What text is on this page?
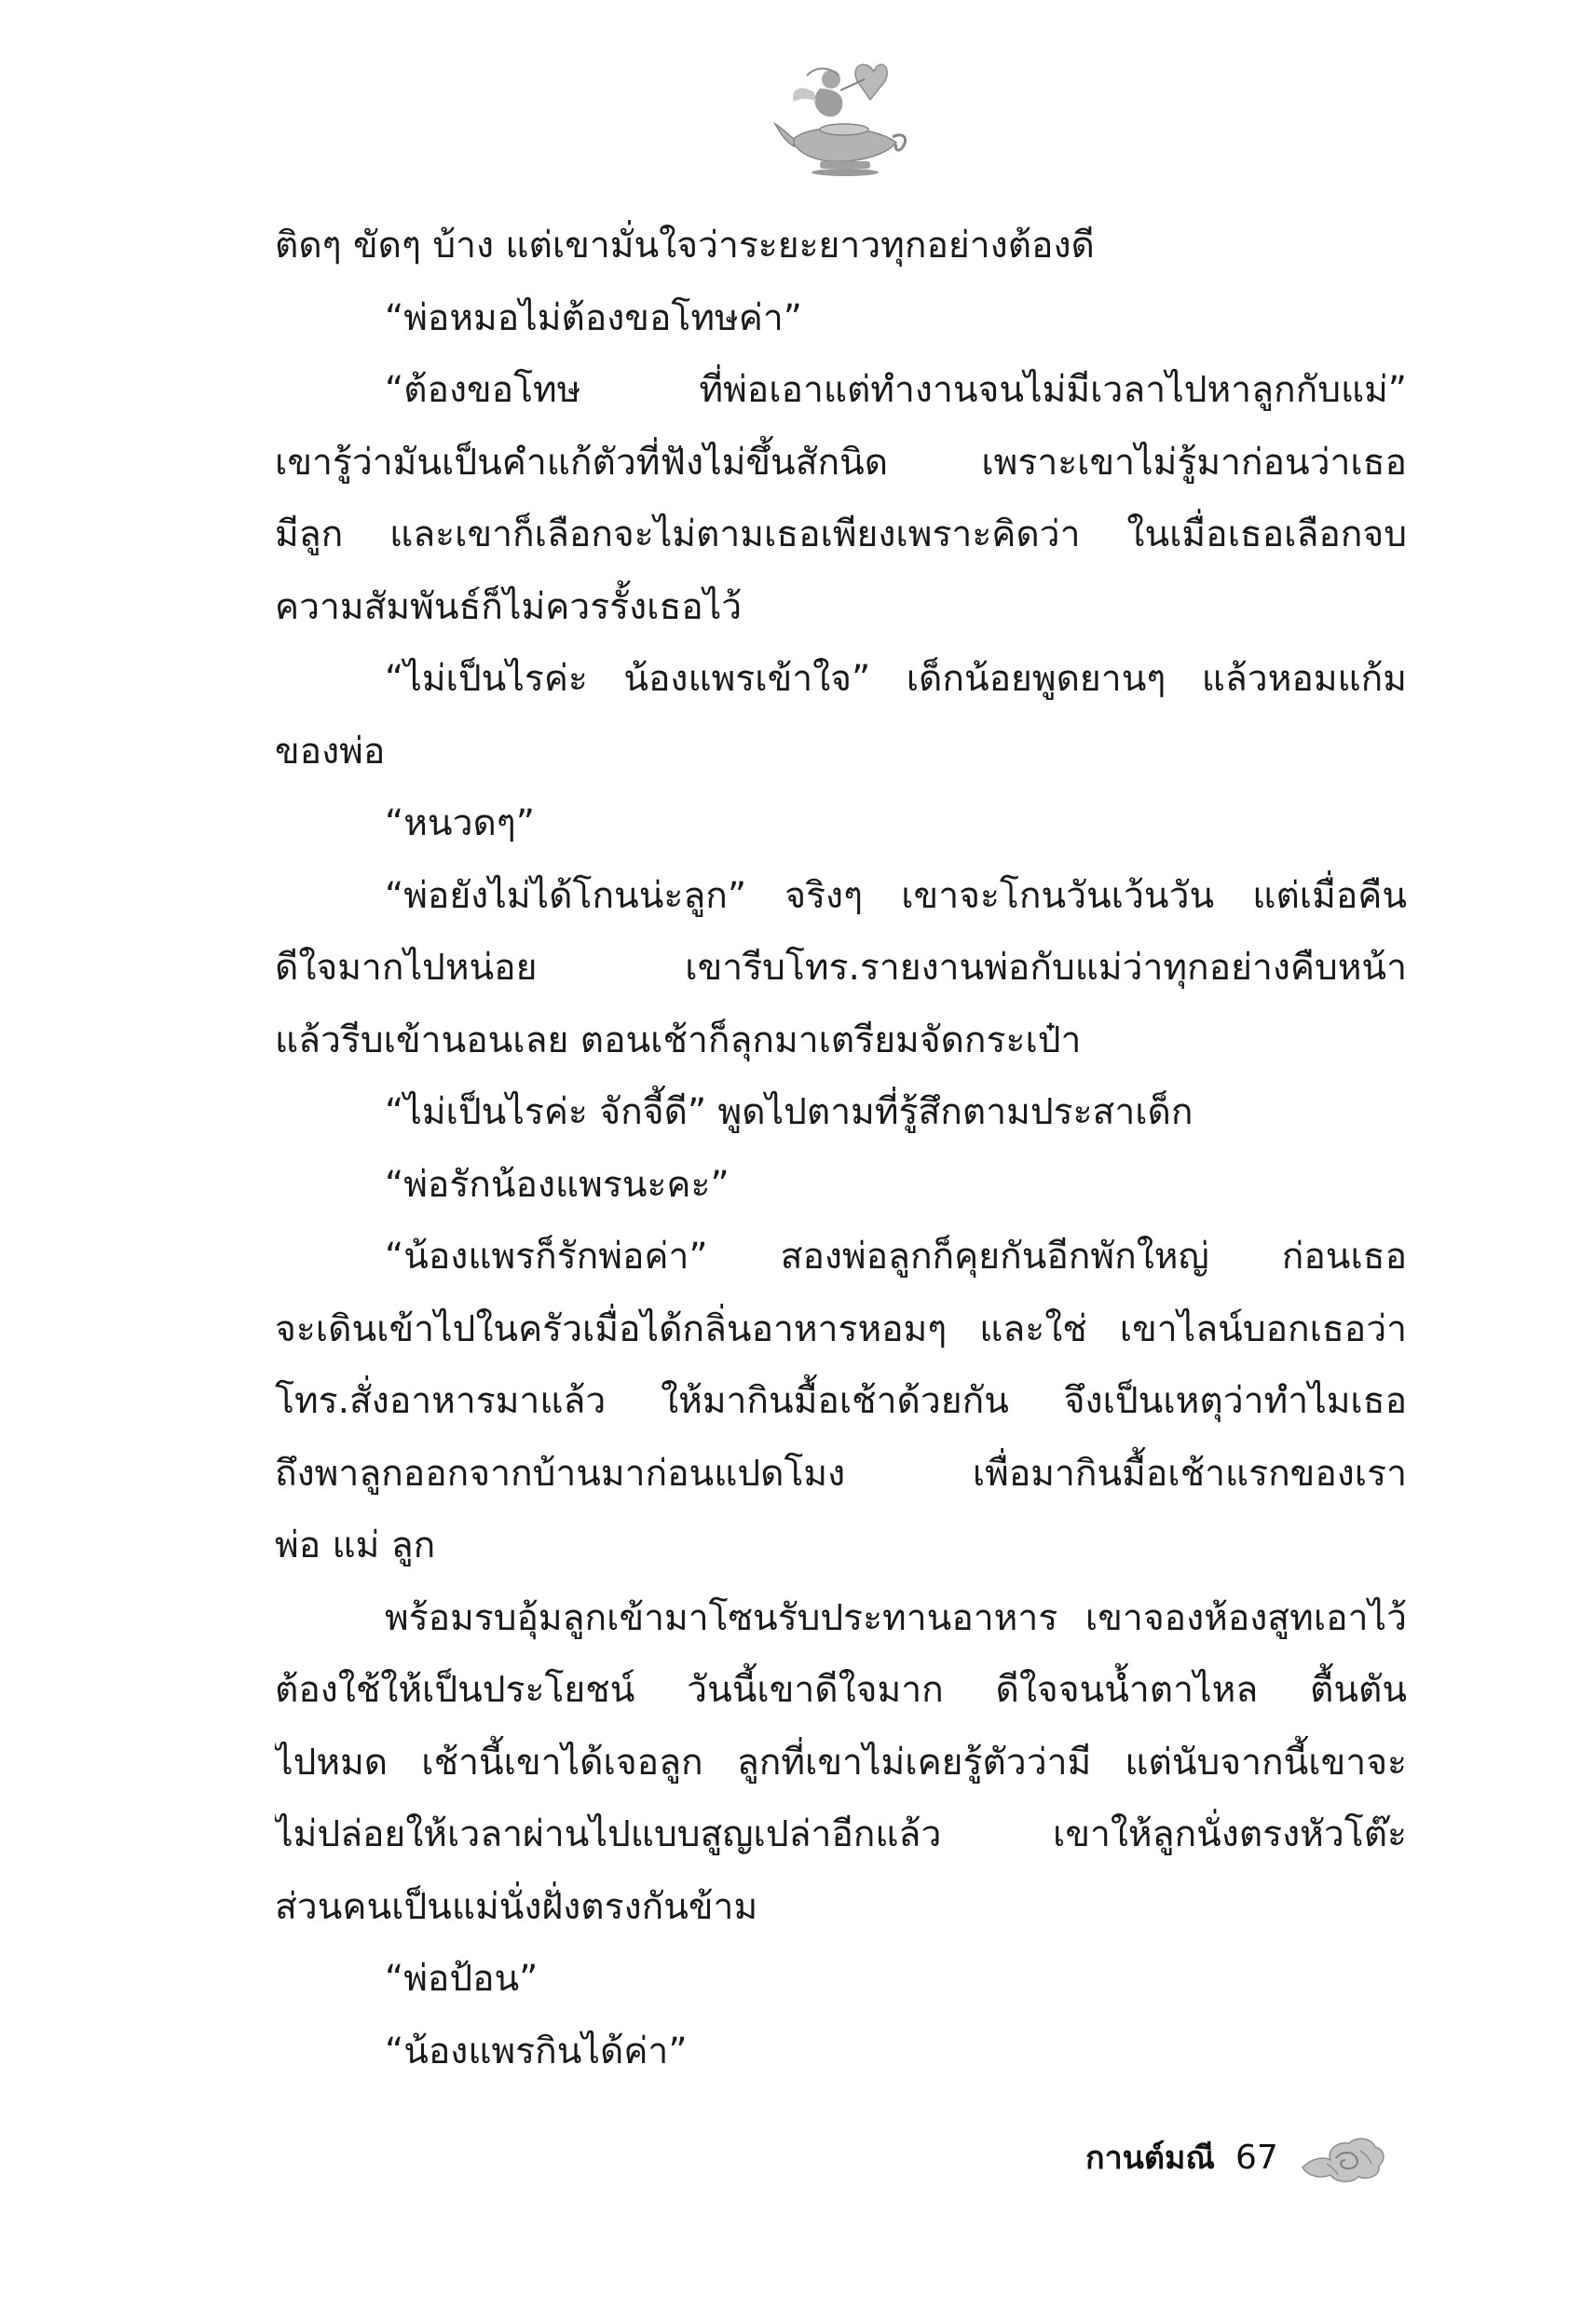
ติดๆ ขัดๆ บ้าง แต่เขามั่นใจว่าระยะยาวทุกอย่างต้องดี
“พ่อหมอไม่ต้องขอโทษค่า”
“ต้องขอโทษ ที่พ่อเอาแต่ทำงานจนไม่มีเวลาไปหาลูกกับแม่”
เขารู้ว่ามันเป็นคำแก้ตัวที่ฟังไม่ขึ้นสักนิด เพราะเขาไม่รู้มาก่อนว่าเธอ
มีลูก และเขาก็เลือกจะไม่ตามเธอเพียงเพราะคิดว่า ในเมื่อเธอเลือกจบ
ความสัมพันธ์ก็ไม่ควรรั้งเธอไว้
“ไม่เป็นไรค่ะ น้องแพรเข้าใจ” เด็กน้อยพูดยานๆ แล้วหอมแก้ม
ของพ่อ
“หนวดๆ”
“พ่อยังไม่ได้โกนน่ะลูก” จริงๆ เขาจะโกนวันเว้นวัน แต่เมื่อคืน
ดีใจมากไปหน่อย เขารีบโทร.รายงานพ่อกับแม่ว่าทุกอย่างคืบหน้า
แล้วรีบเข้านอนเลย ตอนเช้าก็ลุกมาเตรียมจัดกระเป๋า
“ไม่เป็นไรค่ะ จักจี้ดี” พูดไปตามที่รู้สึกตามประสาเด็ก
“พ่อรักน้องแพรนะคะ”
“น้องแพรก็รักพ่อค่า” สองพ่อลูกก็คุยกันอีกพักใหญ่ ก่อนเธอ
จะเดินเข้าไปในครัวเมื่อได้กลิ่นอาหารหอมๆ และใช่ เขาไลน์บอกเธอว่า
โทร.สั่งอาหารมาแล้ว ให้มากินมื้อเช้าด้วยกัน จึงเป็นเหตุว่าทำไมเธอ
ถึงพาลูกออกจากบ้านมาก่อนแปดโมง เพื่อมากินมื้อเช้าแรกของเรา
พ่อ แม่ ลูก
พร้อมรบอุ้มลูกเข้ามาโซนรับประทานอาหาร เขาจองห้องสูทเอาไว้
ต้องใช้ให้เป็นประโยชน์ วันนี้เขาดีใจมาก ดีใจจนน้ำตาไหล ตื้นตัน
ไปหมด เช้านี้เขาได้เจอลูก ลูกที่เขาไม่เคยรู้ตัวว่ามี แต่นับจากนี้เขาจะ
ไม่ปล่อยให้เวลาผ่านไปแบบสูญเปล่าอีกแล้ว เขาให้ลูกนั่งตรงหัวโต๊ะ
ส่วนคนเป็นแม่นั่งฝั่งตรงกันข้าม
“พ่อป้อน”
“น้องแพรกินได้ค่า”
กานต์มณี 67
